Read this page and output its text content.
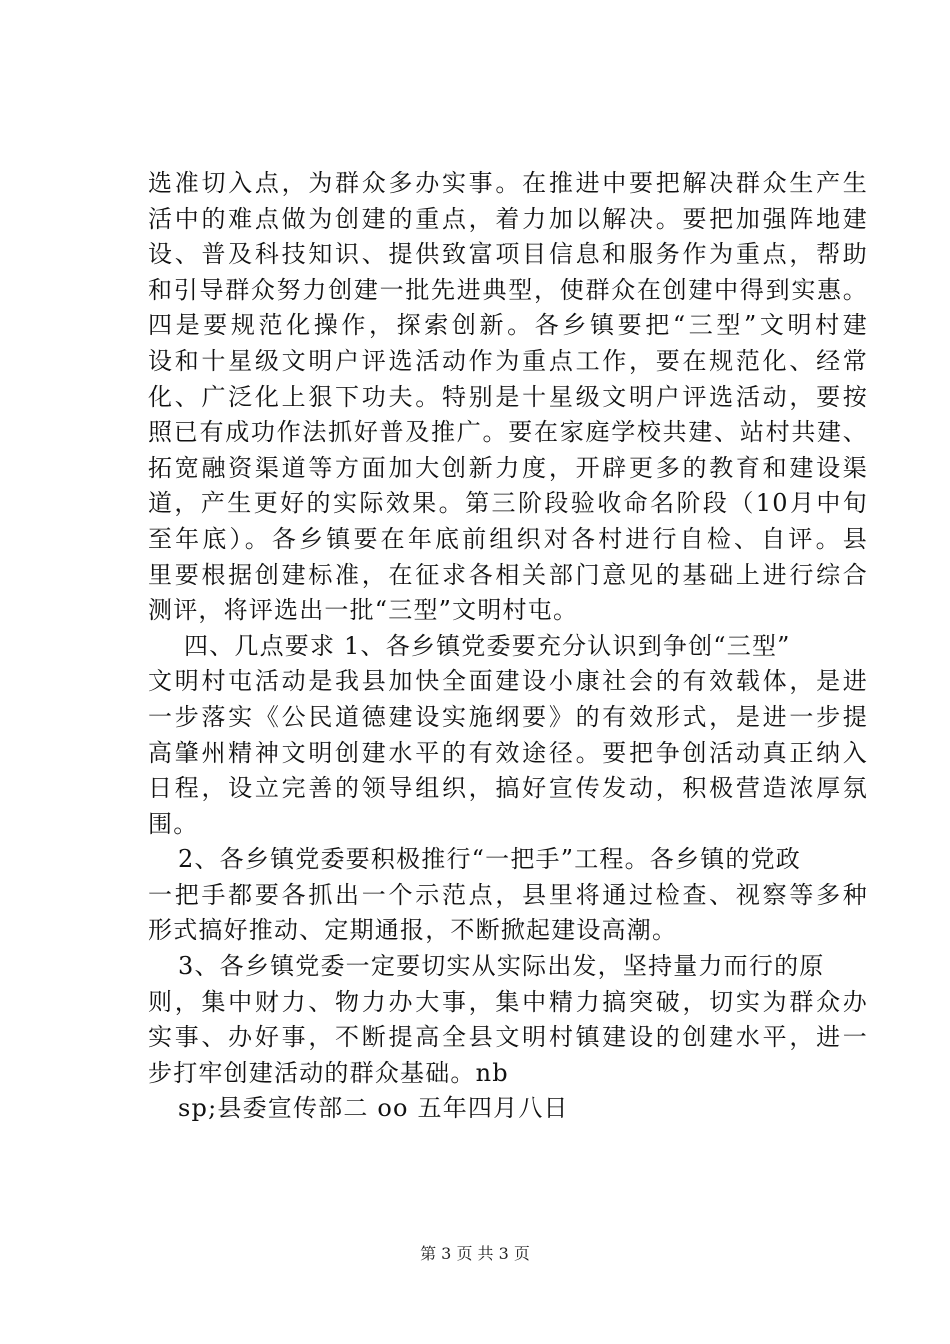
选准切入点，为群众多办实事。在推进中要把解决群众生产生
活中的难点做为创建的重点，着力加以解决。要把加强阵地建
设、普及科技知识、提供致富项目信息和服务作为重点，帮助
和引导群众努力创建一批先进典型，使群众在创建中得到实惠。
四是要规范化操作，探索创新。各乡镇要把“三型”文明村建
设和十星级文明户评选活动作为重点工作，要在规范化、经常
化、广泛化上狠下功夫。特别是十星级文明户评选活动，要按
照已有成功作法抓好普及推广。要在家庭学校共建、站村共建、
拓宽融资渠道等方面加大创新力度，开辟更多的教育和建设渠
道，产生更好的实际效果。第三阶段验收命名阶段（10月中旬
至年底）。各乡镇要在年底前组织对各村进行自检、自评。县
里要根据创建标准，在征求各相关部门意见的基础上进行综合
测评，将评选出一批“三型”文明村屯。
四、几点要求 1、各乡镇党委要充分认识到争创“三型”
文明村屯活动是我县加快全面建设小康社会的有效载体，是进
一步落实《公民道德建设实施纲要》的有效形式，是进一步提
高肇州精神文明创建水平的有效途径。要把争创活动真正纳入
日程，设立完善的领导组织，搞好宣传发动，积极营造浓厚氛
围。
2、各乡镇党委要积极推行“一把手”工程。各乡镇的党政
一把手都要各抓出一个示范点，县里将通过检查、视察等多种
形式搞好推动、定期通报，不断掀起建设高潮。
3、各乡镇党委一定要切实从实际出发，坚持量力而行的原
则，集中财力、物力办大事，集中精力搞突破，切实为群众办
实事、办好事，不断提高全县文明村镇建设的创建水平，进一
步打牢创建活动的群众基础。nb
sp;县委宣传部二 oo 五年四月八日
第 3 页 共 3 页
